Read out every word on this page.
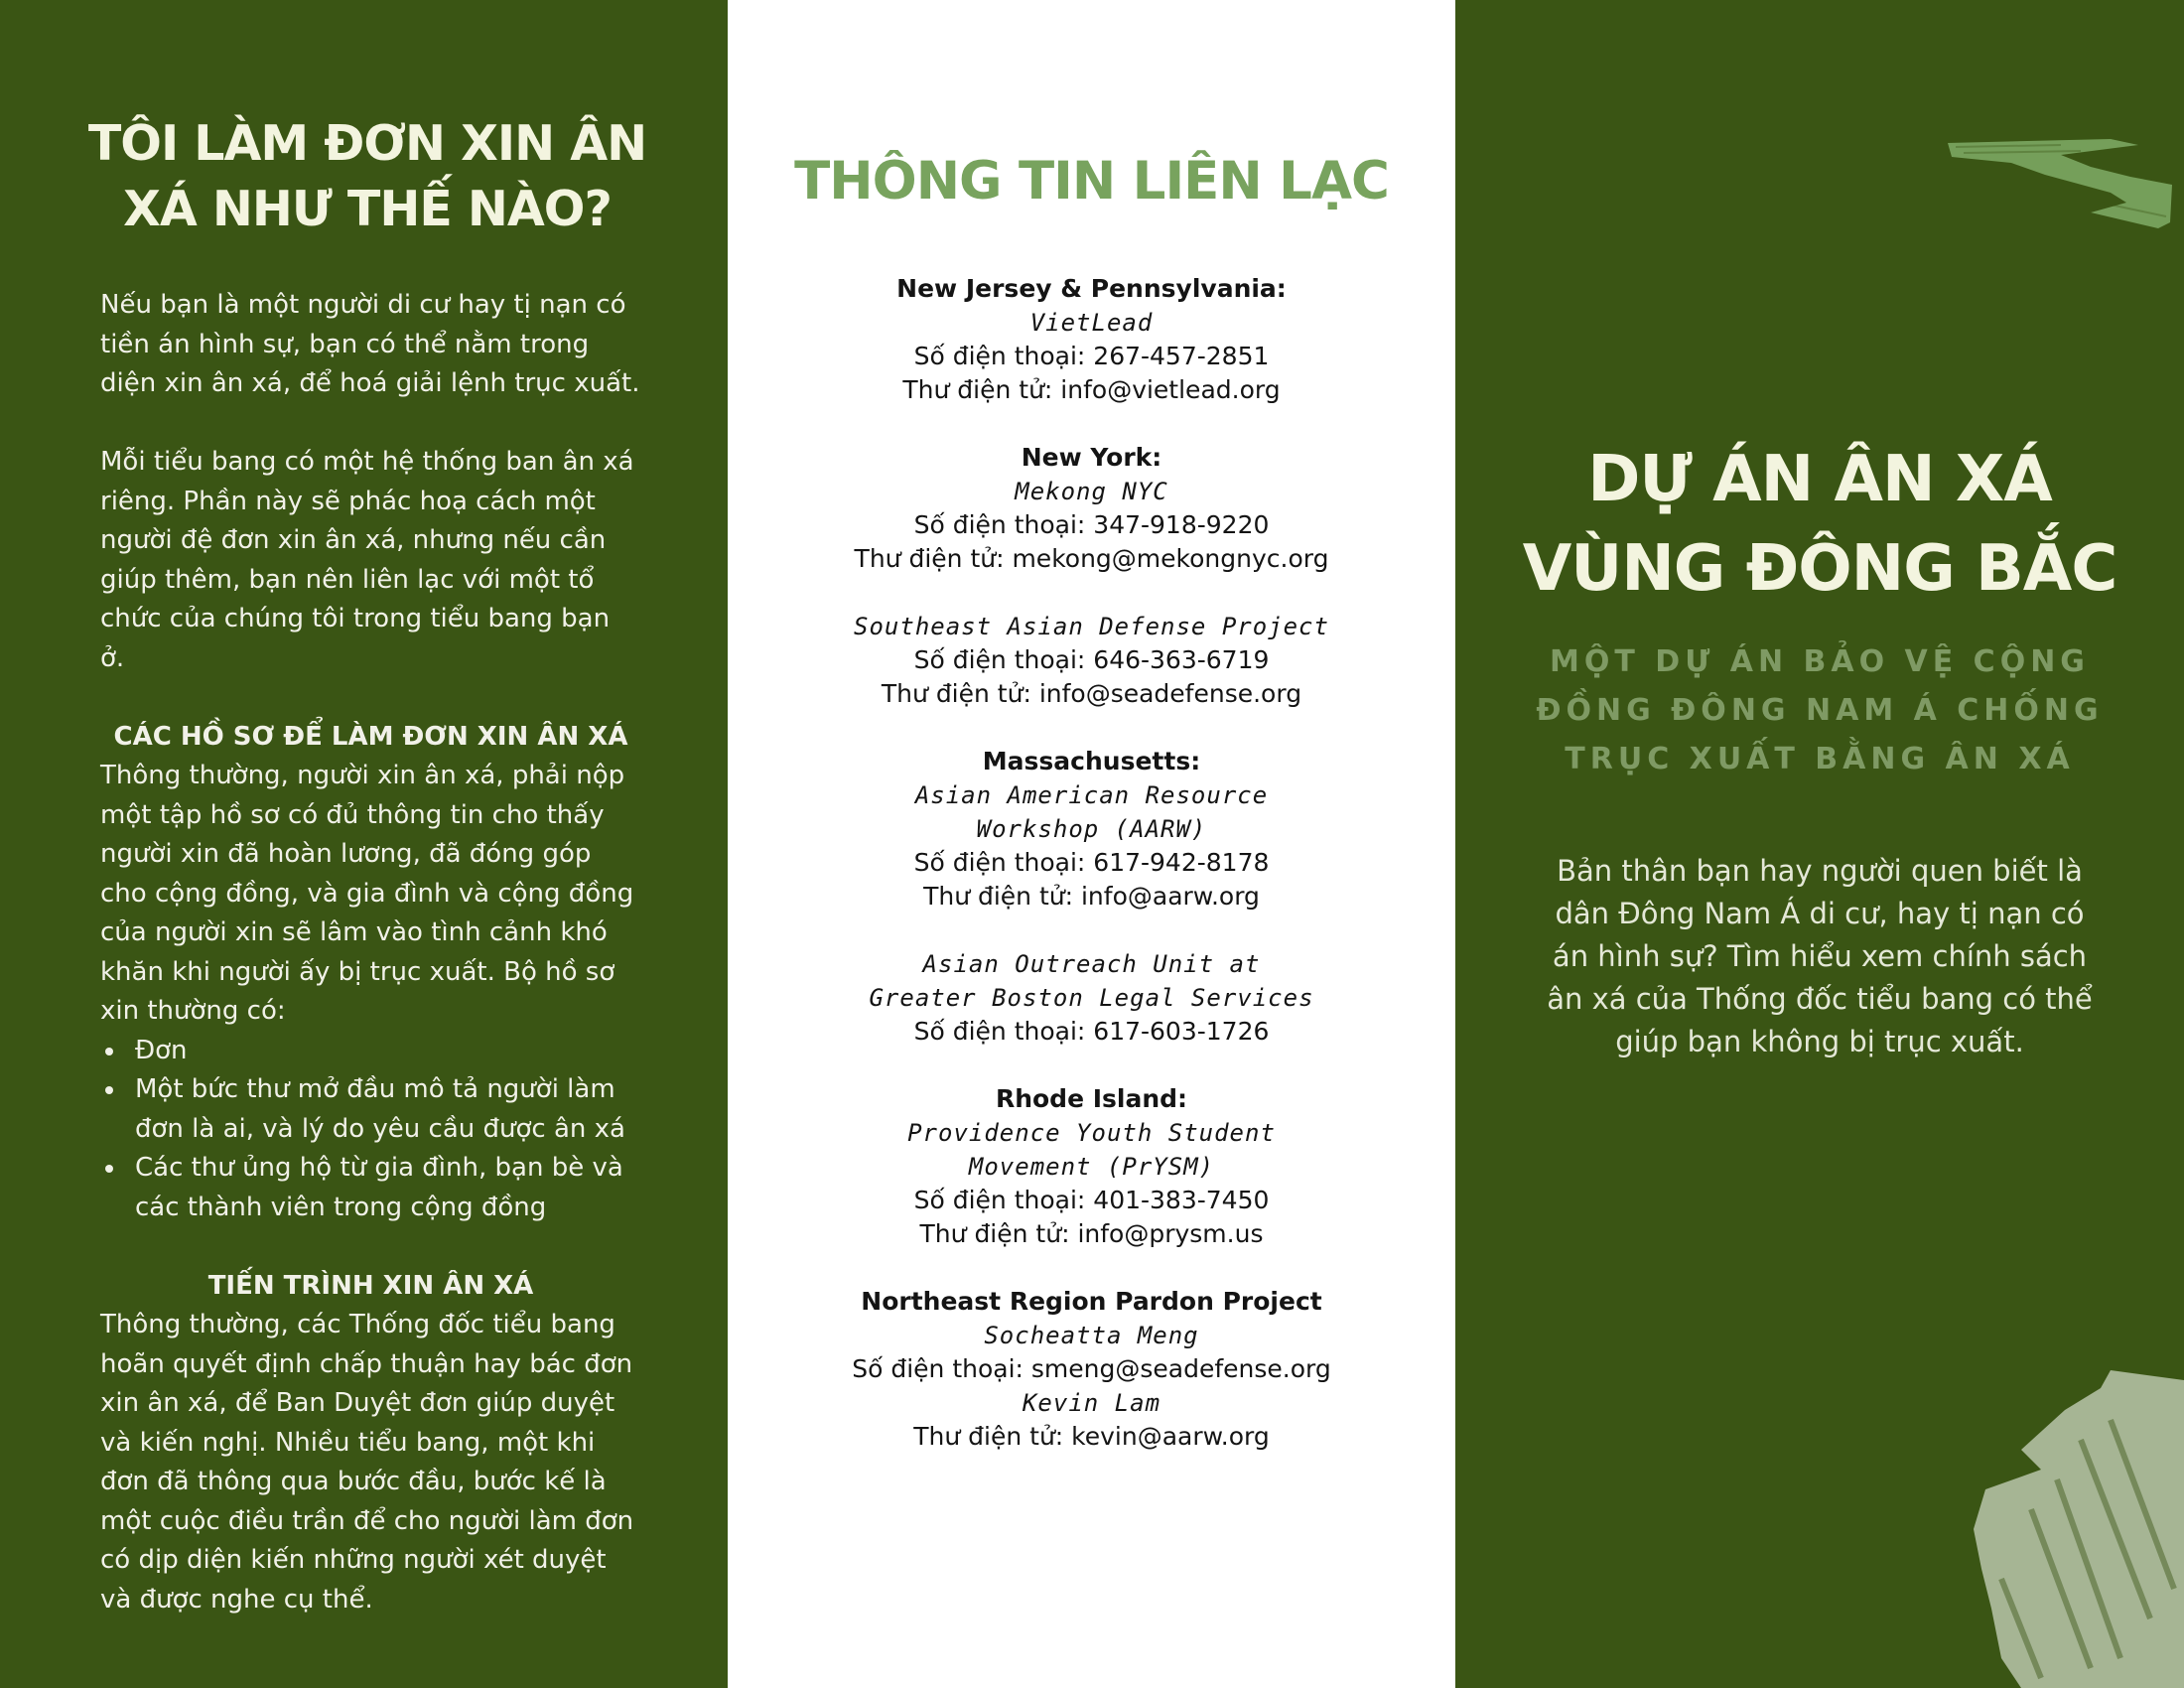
TÔI LÀM ĐƠN XIN ÂN XÁ NHƯ THẾ NÀO?

Nếu bạn là một người di cư hay tị nạn có tiền án hình sự, bạn có thể nằm trong diện xin ân xá, để hoá giải lệnh trục xuất.

Mỗi tiểu bang có một hệ thống ban ân xá riêng. Phần này sẽ phác hoạ cách một người đệ đơn xin ân xá, nhưng nếu cần giúp thêm, bạn nên liên lạc với một tổ chức của chúng tôi trong tiểu bang bạn ở.

CÁC HỒ SƠ ĐỂ LÀM ĐƠN XIN ÂN XÁ

Thông thường, người xin ân xá, phải nộp một tập hồ sơ có đủ thông tin cho thấy người xin đã hoàn lương, đã đóng góp cho cộng đồng, và gia đình và cộng đồng của người xin sẽ lâm vào tình cảnh khó khăn khi người ấy bị trục xuất. Bộ hồ sơ xin thường có:

Đơn
Một bức thư mở đầu mô tả người làm đơn là ai, và lý do yêu cầu được ân xá
Các thư ủng hộ từ gia đình, bạn bè và các thành viên trong cộng đồng

TIẾN TRÌNH XIN ÂN XÁ

Thông thường, các Thống đốc tiểu bang hoãn quyết định chấp thuận hay bác đơn xin ân xá, để Ban Duyệt đơn giúp duyệt và kiến nghị. Nhiều tiểu bang, một khi đơn đã thông qua bước đầu, bước kế là một cuộc điều trần để cho người làm đơn có dịp diện kiến những người xét duyệt và được nghe cụ thể.

THÔNG TIN LIÊN LẠC
New Jersey & Pennsylvania:
VietLead
Số điện thoại: 267-457-2851
Thư điện tử: info@vietlead.org
New York:
Mekong NYC
Số điện thoại: 347-918-9220
Thư điện tử: mekong@mekongnyc.org
Southeast Asian Defense Project
Số điện thoại: 646-363-6719
Thư điện tử: info@seadefense.org
Massachusetts:
Asian American Resource
Workshop (AARW)
Số điện thoại: 617-942-8178
Thư điện tử: info@aarw.org
Asian Outreach Unit at
Greater Boston Legal Services
Số điện thoại: 617-603-1726
Rhode Island:
Providence Youth Student
Movement (PrYSM)
Số điện thoại: 401-383-7450
Thư điện tử: info@prysm.us
Northeast Region Pardon Project
Socheatta Meng
Số điện thoại: smeng@seadefense.org
Kevin Lam
Thư điện tử: kevin@aarw.org
DỰ ÁN ÂN XÁ
VÙNG ĐÔNG BẮC
MỘT DỰ ÁN BẢO VỆ CỘNG ĐỒNG ĐÔNG NAM Á CHỐNG TRỤC XUẤT BẰNG ÂN XÁ
Bản thân bạn hay người quen biết là dân Đông Nam Á di cư, hay tị nạn có án hình sự? Tìm hiểu xem chính sách ân xá của Thống đốc tiểu bang có thể giúp bạn không bị trục xuất.
